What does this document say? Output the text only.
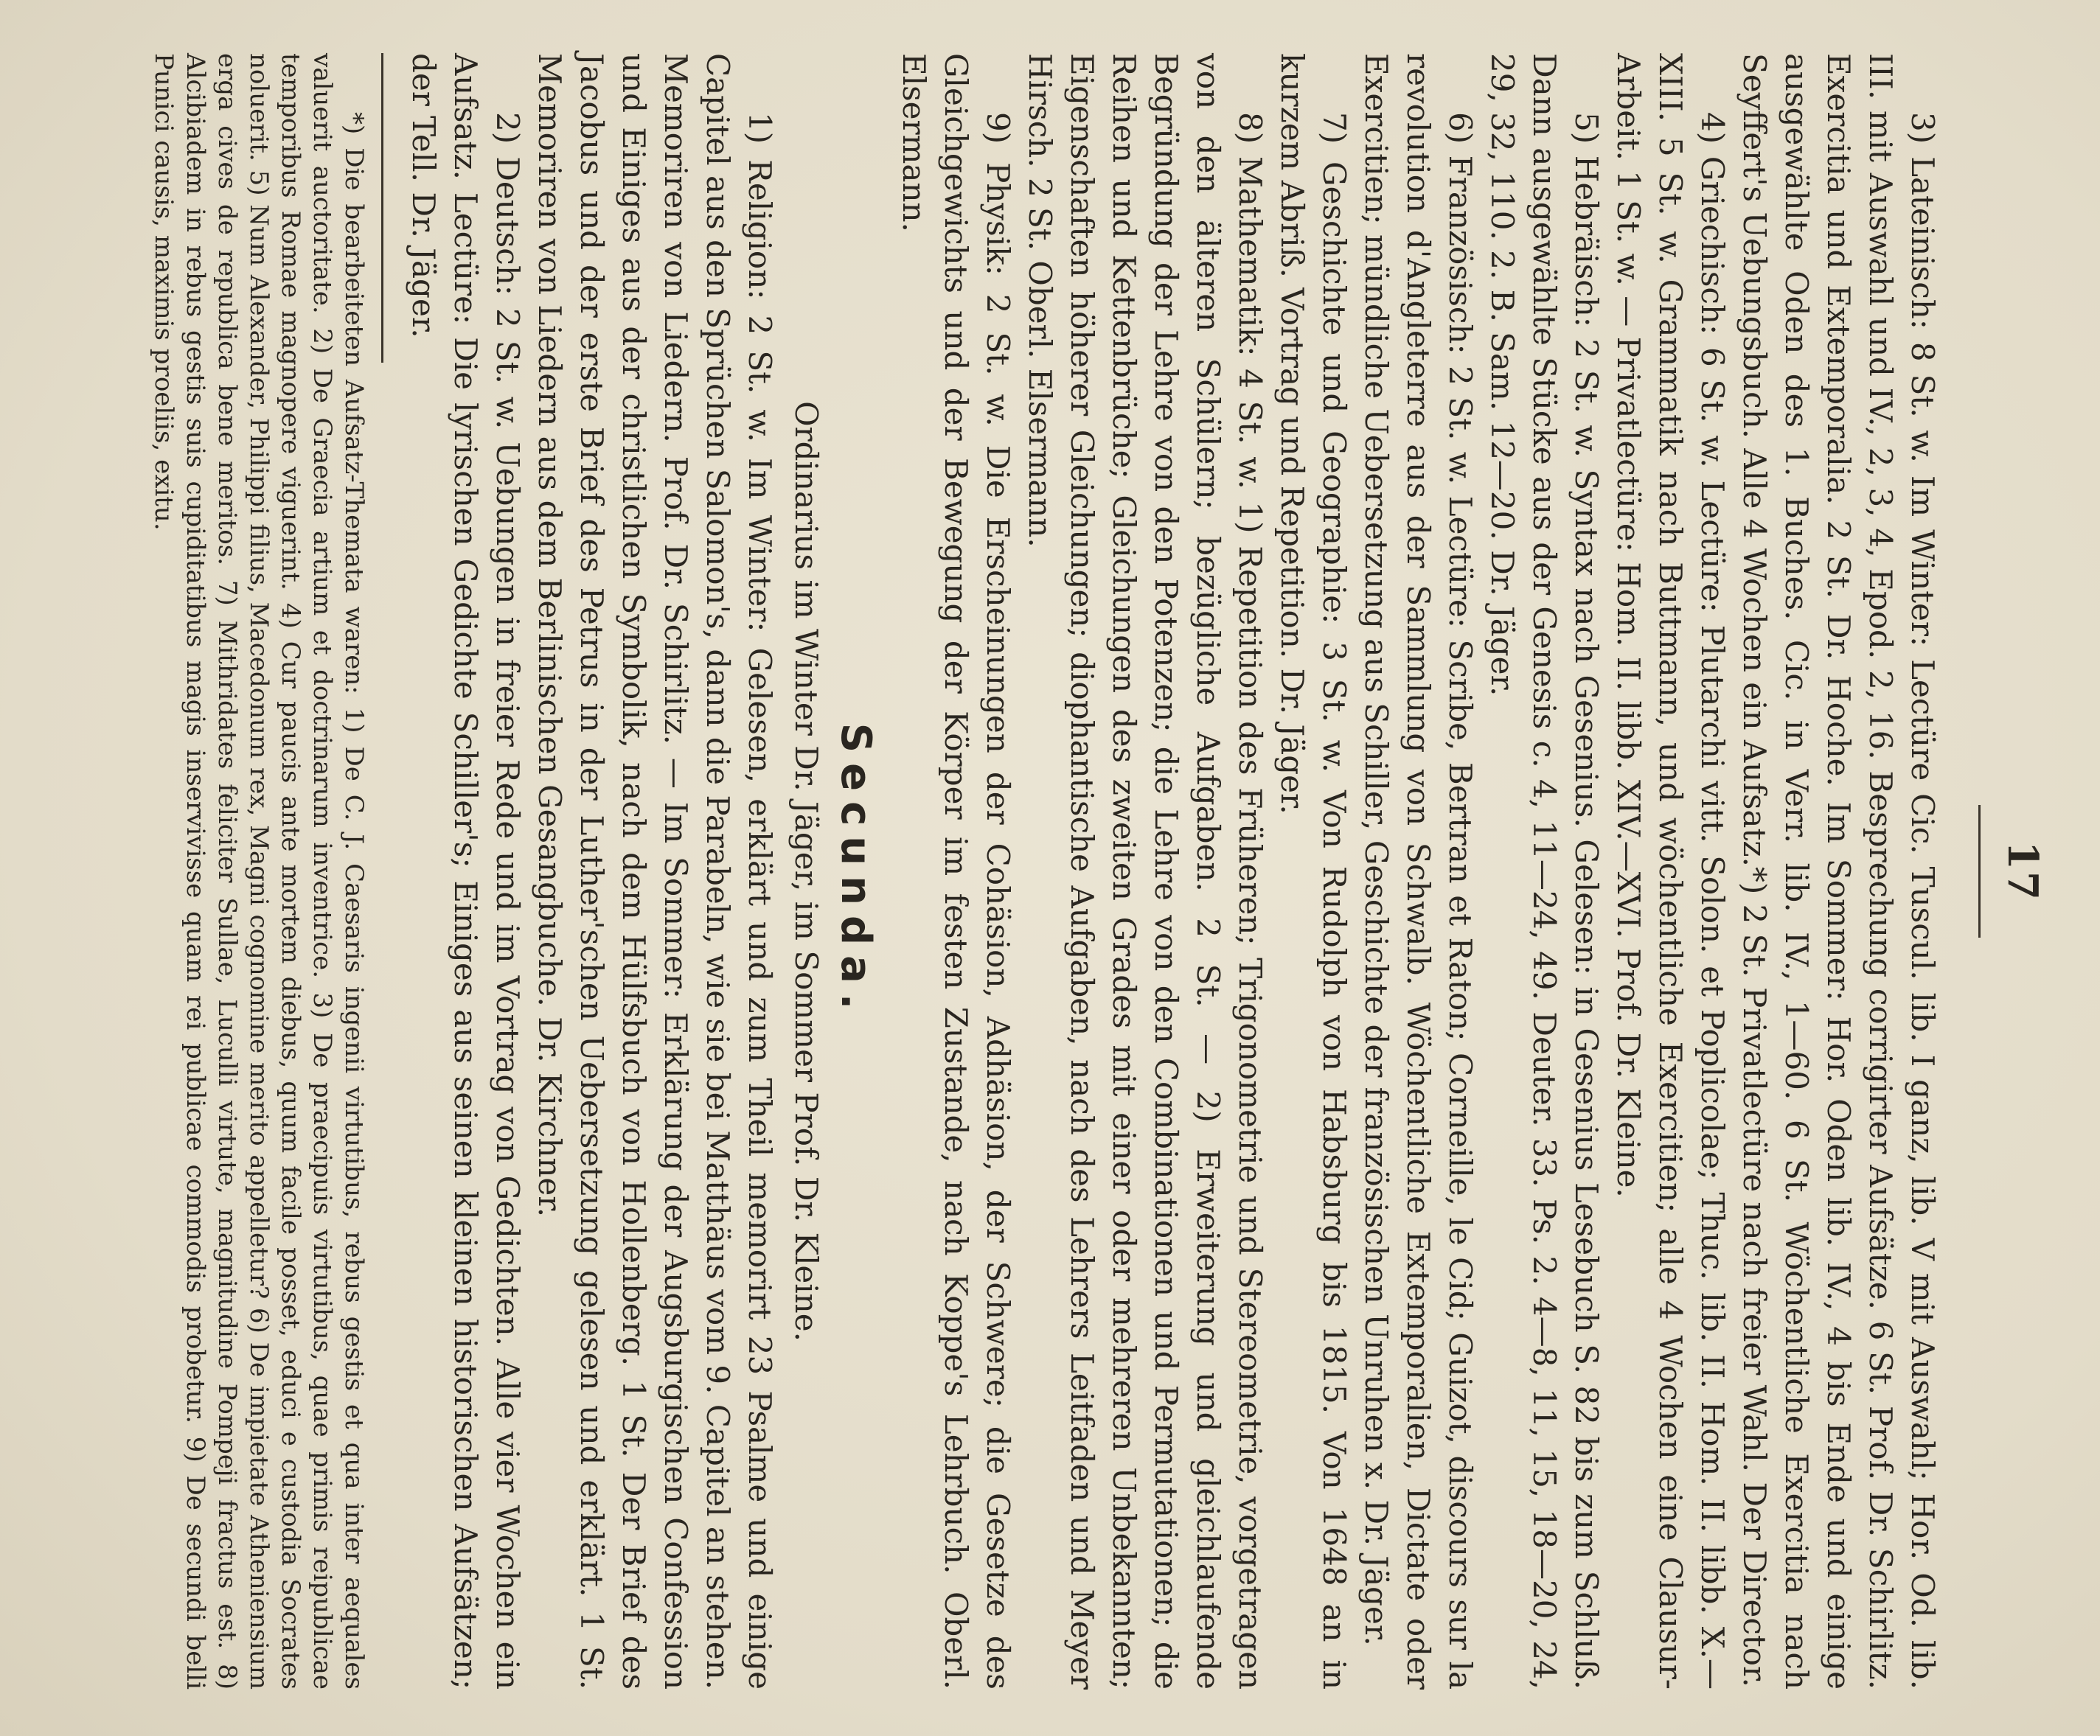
17

3) Lateinisch: 8 St. w. Im Winter: Lectüre Cic. Tuscul. lib. I ganz, lib. V mit Auswahl; Hor. Od. lib. III. mit Auswahl und IV., 2, 3, 4, Epod. 2, 16. Besprechung corrigirter Aufsätze. 6 St. Prof. Dr. Schirlitz. Exercitia und Extemporalia. 2 St. Dr. Hoche. Im Sommer: Hor. Oden lib. IV., 4 bis Ende und einige ausgewählte Oden des 1. Buches. Cic. in Verr. lib. IV., 1—60. 6 St. Wöchentliche Exercitia nach Seyffert's Uebungsbuch. Alle 4 Wochen ein Aufsatz.*) 2 St. Privatlectüre nach freier Wahl. Der Director.

4) Griechisch: 6 St. w. Lectüre: Plutarchi vitt. Solon. et Poplicolae; Thuc. lib. II. Hom. II. libb. X.—XIII. 5 St. w. Grammatik nach Buttmann, und wöchentliche Exercitien; alle 4 Wochen eine Clausur-Arbeit. 1 St. w. — Privatlectüre: Hom. II. libb. XIV.—XVI. Prof. Dr. Kleine.

5) Hebräisch: 2 St. w. Syntax nach Gesenius. Gelesen: in Gesenius Lesebuch S. 82 bis zum Schluß. Dann ausgewählte Stücke aus der Genesis c. 4, 11—24, 49. Deuter. 33. Ps. 2. 4—8, 11, 15, 18—20, 24, 29, 32, 110. 2. B. Sam. 12—20. Dr. Jäger.

6) Französisch: 2 St. w. Lectüre: Scribe, Bertran et Raton; Corneille, le Cid; Guizot, discours sur la revolution d'Angleterre aus der Sammlung von Schwalb. Wöchentliche Extemporalien, Dictate oder Exercitien; mündliche Uebersetzung aus Schiller, Geschichte der französischen Unruhen x. Dr. Jäger.

7) Geschichte und Geographie: 3 St. w. Von Rudolph von Habsburg bis 1815. Von 1648 an in kurzem Abriß. Vortrag und Repetition. Dr. Jäger.

8) Mathematik: 4 St. w. 1) Repetition des Früheren; Trigonometrie und Stereometrie, vorgetragen von den älteren Schülern; bezügliche Aufgaben. 2 St. — 2) Erweiterung und gleichlaufende Begründung der Lehre von den Potenzen; die Lehre von den Combinationen und Permutationen; die Reihen und Kettenbrüche; Gleichungen des zweiten Grades mit einer oder mehreren Unbekannten; Eigenschaften höherer Gleichungen; diophantische Aufgaben, nach des Lehrers Leitfaden und Meyer Hirsch. 2 St. Oberl. Elsermann.

9) Physik: 2 St. w. Die Erscheinungen der Cohäsion, Adhäsion, der Schwere; die Gesetze des Gleichgewichts und der Bewegung der Körper im festen Zustande, nach Koppe's Lehrbuch. Oberl. Elsermann.

Secunda.
Ordinarius im Winter Dr. Jäger, im Sommer Prof. Dr. Kleine.

1) Religion: 2 St. w. Im Winter: Gelesen, erklärt und zum Theil memorirt 23 Psalme und einige Capitel aus den Sprüchen Salomon's, dann die Parabeln, wie sie bei Matthäus vom 9. Capitel an stehen. Memoriren von Liedern. Prof. Dr. Schirlitz. — Im Sommer: Erklärung der Augsburgischen Confession und Einiges aus der christlichen Symbolik, nach dem Hülfsbuch von Hollenberg. 1 St. Der Brief des Jacobus und der erste Brief des Petrus in der Luther'schen Uebersetzung gelesen und erklärt. 1 St. Memoriren von Liedern aus dem Berlinischen Gesangbuche. Dr. Kirchner.

2) Deutsch: 2 St. w. Uebungen in freier Rede und im Vortrag von Gedichten. Alle vier Wochen ein Aufsatz. Lectüre: Die lyrischen Gedichte Schiller's; Einiges aus seinen kleinen historischen Aufsätzen; der Tell. Dr. Jäger.

*) Die bearbeiteten Aufsatz-Themata waren: 1) De C. J. Caesaris ingenii virtutibus, rebus gestis et qua inter aequales valuerit auctoritate. 2) De Graecia artium et doctrinarum inventrice. 3) De praecipuis virtutibus, quae primis reipublicae temporibus Romae magnopere viguerint. 4) Cur paucis ante mortem diebus, quum facile posset, educi e custodia Socrates noluerit. 5) Num Alexander, Philippi filius, Macedonum rex, Magni cognomine merito appelletur? 6) De impietate Atheniensium erga cives de republica bene meritos. 7) Mithridates feliciter Sullae, Luculli virtute, magnitudine Pompeji fractus est. 8) Alcibiadem in rebus gestis suis cupiditatibus magis inservivisse quam rei publicae commodis probetur. 9) De secundi belli Punici causis, maximis proeliis, exitu.
